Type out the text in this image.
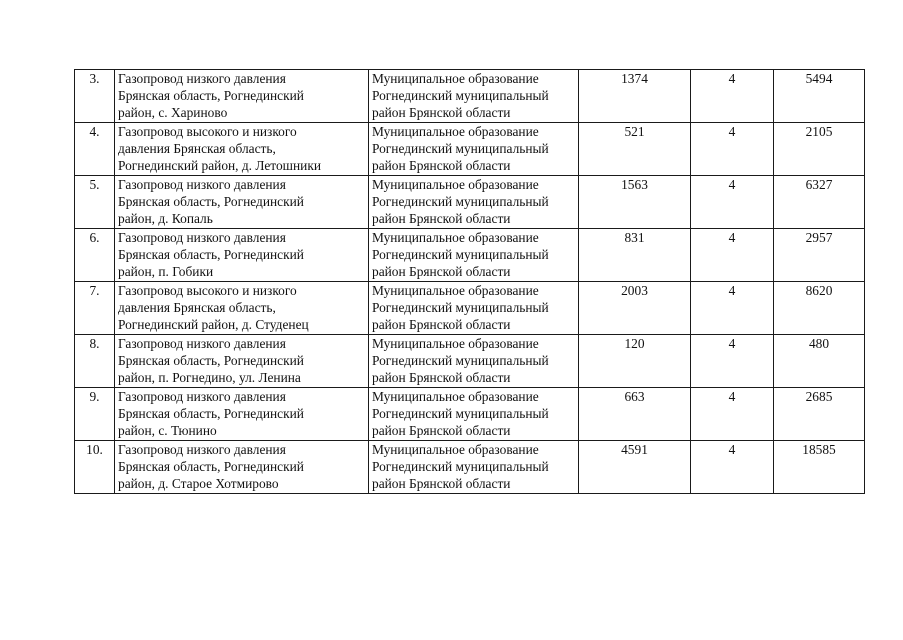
3.	Газопровод низкого давления
Брянская область, Рогнединский
район, с. Хариново	Муниципальное образование
Рогнединский муниципальный
район Брянской области	1374	4	5494
4.	Газопровод высокого и низкого
давления Брянская область,
Рогнединский район, д. Летошники	Муниципальное образование
Рогнединский муниципальный
район Брянской области	521	4	2105
5.	Газопровод низкого давления
Брянская область, Рогнединский
район, д. Копаль	Муниципальное образование
Рогнединский муниципальный
район Брянской области	1563	4	6327
6.	Газопровод низкого давления
Брянская область, Рогнединский
район, п. Гобики	Муниципальное образование
Рогнединский муниципальный
район Брянской области	831	4	2957
7.	Газопровод высокого и низкого
давления Брянская область,
Рогнединский район, д. Студенец	Муниципальное образование
Рогнединский муниципальный
район Брянской области	2003	4	8620
8.	Газопровод низкого давления
Брянская область, Рогнединский
район, п. Рогнедино, ул. Ленина	Муниципальное образование
Рогнединский муниципальный
район Брянской области	120	4	480
9.	Газопровод низкого давления
Брянская область, Рогнединский
район, с. Тюнино	Муниципальное образование
Рогнединский муниципальный
район Брянской области	663	4	2685
10.	Газопровод низкого давления
Брянская область, Рогнединский
район, д. Старое Хотмирово	Муниципальное образование
Рогнединский муниципальный
район Брянской области	4591	4	18585
